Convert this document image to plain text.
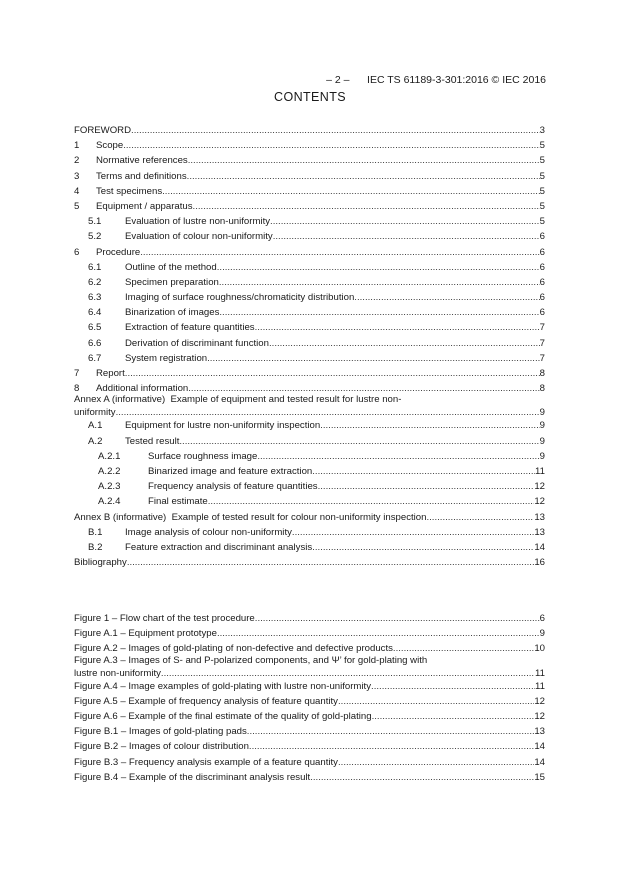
– 2 – IEC TS 61189-3-301:2016 © IEC 2016

CONTENTS
FOREWORD .....	3
1 Scope .....	5
2 Normative references .....	5
3 Terms and definitions .....	5
4 Test specimens .....	5
5 Equipment / apparatus .....	5
5.1 Evaluation of lustre non-uniformity .....	5
5.2 Evaluation of colour non-uniformity .....	6
6 Procedure .....	6
6.1 Outline of the method .....	6
6.2 Specimen preparation .....	6
6.3 Imaging of surface roughness/chromaticity distribution .....	6
6.4 Binarization of images .....	6
6.5 Extraction of feature quantities .....	7
6.6 Derivation of discriminant function .....	7
6.7 System registration .....	7
7 Report .....	8
8 Additional information .....	8
Annex A (informative)  Example of equipment and tested result for lustre non-
uniformity .....	9
A.1 Equipment for lustre non-uniformity inspection .....	9
A.2 Tested result .....	9
A.2.1	Surface roughness image .....	9
A.2.2	Binarized image and feature extraction .....	11
A.2.3	Frequency analysis of feature quantities .....	12
A.2.4	Final estimate .....	12
Annex B (informative)  Example of tested result for colour non-uniformity inspection .....	13
B.1 Image analysis of colour non-uniformity .....	13
B.2 Feature extraction and discriminant analysis .....	14
Bibliography .....	16
Figure 1 – Flow chart of the test procedure .....	6
Figure A.1 – Equipment prototype .....	9
Figure A.2 – Images of gold-plating of non-defective and defective products .....	10
Figure A.3 – Images of S- and P-polarized components, and Ψ’ for gold-plating with
lustre non-uniformity .....	11
Figure A.4 – Image examples of gold-plating with lustre non-uniformity .....	11
Figure A.5 – Example of frequency analysis of feature quantity .....	12
Figure A.6 – Example of the final estimate of the quality of gold-plating .....	12
Figure B.1 – Images of gold-plating pads .....	13
Figure B.2 – Images of colour distribution .....	14
Figure B.3 – Frequency analysis example of a feature quantity .....	14
Figure B.4 – Example of the discriminant analysis result .....	15
